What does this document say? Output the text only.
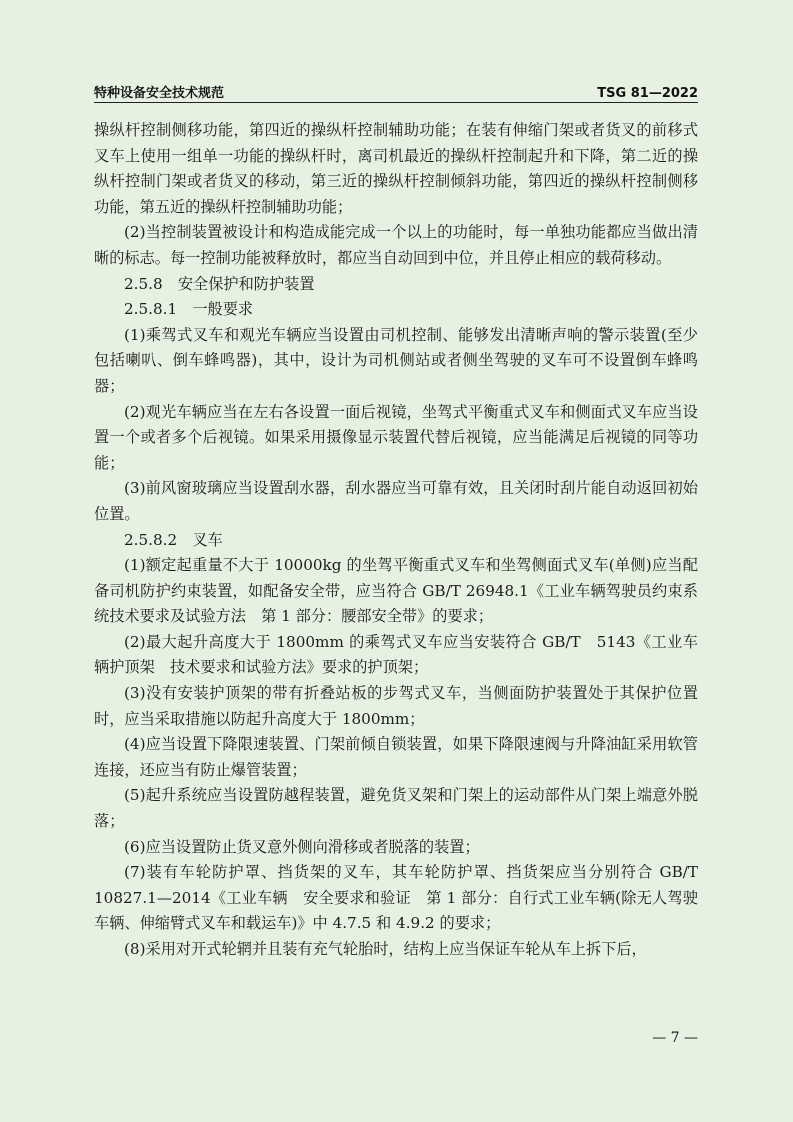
特种设备安全技术规范	TSG 81—2022

操纵杆控制侧移功能，第四近的操纵杆控制辅助功能；在装有伸缩门架或者货叉的前移式叉车上使用一组单一功能的操纵杆时，离司机最近的操纵杆控制起升和下降，第二近的操纵杆控制门架或者货叉的移动，第三近的操纵杆控制倾斜功能，第四近的操纵杆控制侧移功能，第五近的操纵杆控制辅助功能；

(2)当控制装置被设计和构造成能完成一个以上的功能时，每一单独功能都应当做出清晰的标志。每一控制功能被释放时，都应当自动回到中位，并且停止相应的载荷移动。

2.5.8　安全保护和防护装置

2.5.8.1　一般要求

(1)乘驾式叉车和观光车辆应当设置由司机控制、能够发出清晰声响的警示装置(至少包括喇叭、倒车蜂鸣器)，其中，设计为司机侧站或者侧坐驾驶的叉车可不设置倒车蜂鸣器；

(2)观光车辆应当在左右各设置一面后视镜，坐驾式平衡重式叉车和侧面式叉车应当设置一个或者多个后视镜。如果采用摄像显示装置代替后视镜，应当能满足后视镜的同等功能；

(3)前风窗玻璃应当设置刮水器，刮水器应当可靠有效，且关闭时刮片能自动返回初始位置。

2.5.8.2　叉车

(1)额定起重量不大于 10000kg 的坐驾平衡重式叉车和坐驾侧面式叉车(单侧)应当配备司机防护约束装置，如配备安全带，应当符合 GB/T 26948.1《工业车辆驾驶员约束系统技术要求及试验方法　第 1 部分：腰部安全带》的要求；

(2)最大起升高度大于 1800mm 的乘驾式叉车应当安装符合 GB/T　5143《工业车辆护顶架　技术要求和试验方法》要求的护顶架；

(3)没有安装护顶架的带有折叠站板的步驾式叉车，当侧面防护装置处于其保护位置时，应当采取措施以防起升高度大于 1800mm；

(4)应当设置下降限速装置、门架前倾自锁装置，如果下降限速阀与升降油缸采用软管连接，还应当有防止爆管装置；

(5)起升系统应当设置防越程装置，避免货叉架和门架上的运动部件从门架上端意外脱落；

(6)应当设置防止货叉意外侧向滑移或者脱落的装置；

(7)装有车轮防护罩、挡货架的叉车，其车轮防护罩、挡货架应当分别符合 GB/T 10827.1—2014《工业车辆　安全要求和验证　第 1 部分：自行式工业车辆(除无人驾驶车辆、伸缩臂式叉车和载运车)》中 4.7.5 和 4.9.2 的要求；

(8)采用对开式轮辋并且装有充气轮胎时，结构上应当保证车轮从车上拆下后，

— 7 —
